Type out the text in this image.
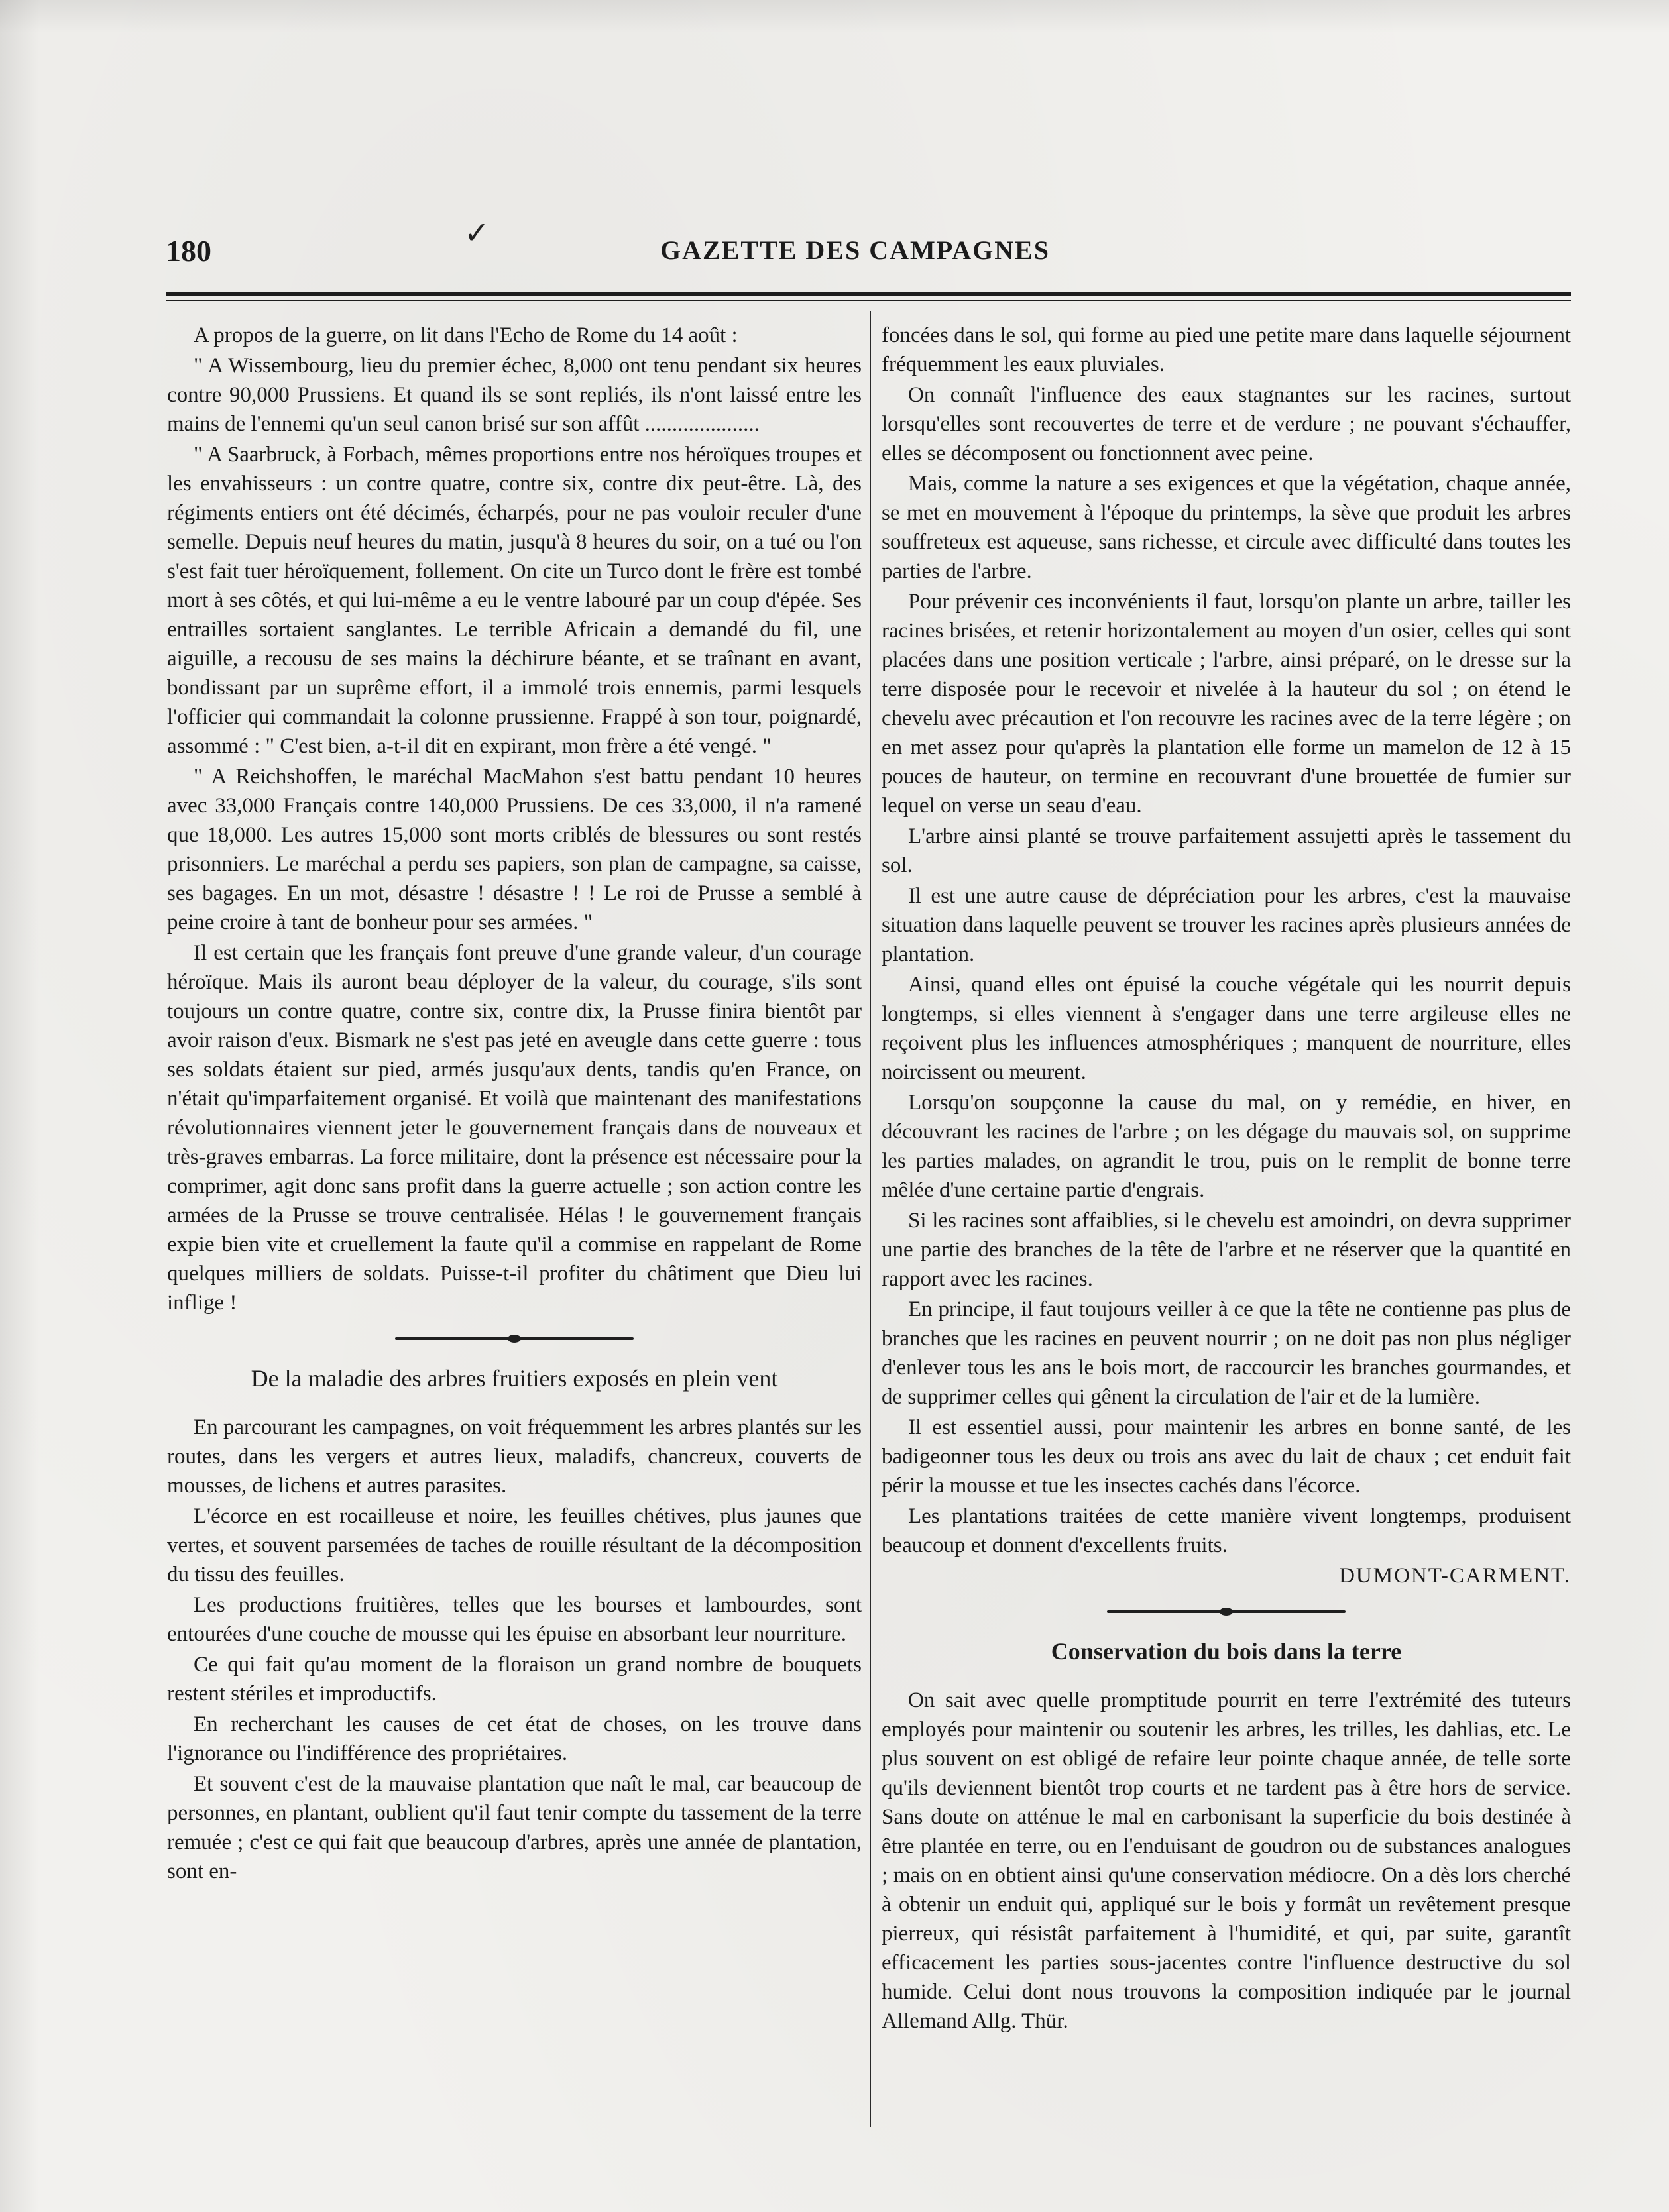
✓
180	GAZETTE DES CAMPAGNES

A propos de la guerre, on lit dans l'Echo de Rome du 14 août :

" A Wissembourg, lieu du premier échec, 8,000 ont tenu pendant six heures contre 90,000 Prussiens. Et quand ils se sont repliés, ils n'ont laissé entre les mains de l'ennemi qu'un seul canon brisé sur son affût .....................

" A Saarbruck, à Forbach, mêmes proportions entre nos héroïques troupes et les envahisseurs : un contre quatre, contre six, contre dix peut-être. Là, des régiments entiers ont été décimés, écharpés, pour ne pas vouloir reculer d'une semelle. Depuis neuf heures du matin, jusqu'à 8 heures du soir, on a tué ou l'on s'est fait tuer héroïquement, follement. On cite un Turco dont le frère est tombé mort à ses côtés, et qui lui-même a eu le ventre labouré par un coup d'épée. Ses entrailles sortaient sanglantes. Le terrible Africain a demandé du fil, une aiguille, a recousu de ses mains la déchirure béante, et se traînant en avant, bondissant par un suprême effort, il a immolé trois ennemis, parmi lesquels l'officier qui commandait la colonne prussienne. Frappé à son tour, poignardé, assommé : " C'est bien, a-t-il dit en expirant, mon frère a été vengé. "

" A Reichshoffen, le maréchal MacMahon s'est battu pendant 10 heures avec 33,000 Français contre 140,000 Prussiens. De ces 33,000, il n'a ramené que 18,000. Les autres 15,000 sont morts criblés de blessures ou sont restés prisonniers. Le maréchal a perdu ses papiers, son plan de campagne, sa caisse, ses bagages. En un mot, désastre ! désastre ! ! Le roi de Prusse a semblé à peine croire à tant de bonheur pour ses armées. "

Il est certain que les français font preuve d'une grande valeur, d'un courage héroïque. Mais ils auront beau déployer de la valeur, du courage, s'ils sont toujours un contre quatre, contre six, contre dix, la Prusse finira bientôt par avoir raison d'eux. Bismark ne s'est pas jeté en aveugle dans cette guerre : tous ses soldats étaient sur pied, armés jusqu'aux dents, tandis qu'en France, on n'était qu'imparfaitement organisé. Et voilà que maintenant des manifestations révolutionnaires viennent jeter le gouvernement français dans de nouveaux et très-graves embarras. La force militaire, dont la présence est nécessaire pour la comprimer, agit donc sans profit dans la guerre actuelle ; son action contre les armées de la Prusse se trouve centralisée. Hélas ! le gouvernement français expie bien vite et cruellement la faute qu'il a commise en rappelant de Rome quelques milliers de soldats. Puisse-t-il profiter du châtiment que Dieu lui inflige !

De la maladie des arbres fruitiers exposés en plein vent

En parcourant les campagnes, on voit fréquemment les arbres plantés sur les routes, dans les vergers et autres lieux, maladifs, chancreux, couverts de mousses, de lichens et autres parasites.

L'écorce en est rocailleuse et noire, les feuilles chétives, plus jaunes que vertes, et souvent parsemées de taches de rouille résultant de la décomposition du tissu des feuilles.

Les productions fruitières, telles que les bourses et lambourdes, sont entourées d'une couche de mousse qui les épuise en absorbant leur nourriture.

Ce qui fait qu'au moment de la floraison un grand nombre de bouquets restent stériles et improductifs.

En recherchant les causes de cet état de choses, on les trouve dans l'ignorance ou l'indifférence des propriétaires.

Et souvent c'est de la mauvaise plantation que naît le mal, car beaucoup de personnes, en plantant, oublient qu'il faut tenir compte du tassement de la terre remuée ; c'est ce qui fait que beaucoup d'arbres, après une année de plantation, sont en-

foncées dans le sol, qui forme au pied une petite mare dans laquelle séjournent fréquemment les eaux pluviales.

On connaît l'influence des eaux stagnantes sur les racines, surtout lorsqu'elles sont recouvertes de terre et de verdure ; ne pouvant s'échauffer, elles se décomposent ou fonctionnent avec peine.

Mais, comme la nature a ses exigences et que la végétation, chaque année, se met en mouvement à l'époque du printemps, la sève que produit les arbres souffreteux est aqueuse, sans richesse, et circule avec difficulté dans toutes les parties de l'arbre.

Pour prévenir ces inconvénients il faut, lorsqu'on plante un arbre, tailler les racines brisées, et retenir horizontalement au moyen d'un osier, celles qui sont placées dans une position verticale ; l'arbre, ainsi préparé, on le dresse sur la terre disposée pour le recevoir et nivelée à la hauteur du sol ; on étend le chevelu avec précaution et l'on recouvre les racines avec de la terre légère ; on en met assez pour qu'après la plantation elle forme un mamelon de 12 à 15 pouces de hauteur, on termine en recouvrant d'une brouettée de fumier sur lequel on verse un seau d'eau.

L'arbre ainsi planté se trouve parfaitement assujetti après le tassement du sol.

Il est une autre cause de dépréciation pour les arbres, c'est la mauvaise situation dans laquelle peuvent se trouver les racines après plusieurs années de plantation.

Ainsi, quand elles ont épuisé la couche végétale qui les nourrit depuis longtemps, si elles viennent à s'engager dans une terre argileuse elles ne reçoivent plus les influences atmosphériques ; manquent de nourriture, elles noircissent ou meurent.

Lorsqu'on soupçonne la cause du mal, on y remédie, en hiver, en découvrant les racines de l'arbre ; on les dégage du mauvais sol, on supprime les parties malades, on agrandit le trou, puis on le remplit de bonne terre mêlée d'une certaine partie d'engrais.

Si les racines sont affaiblies, si le chevelu est amoindri, on devra supprimer une partie des branches de la tête de l'arbre et ne réserver que la quantité en rapport avec les racines.

En principe, il faut toujours veiller à ce que la tête ne contienne pas plus de branches que les racines en peuvent nourrir ; on ne doit pas non plus négliger d'enlever tous les ans le bois mort, de raccourcir les branches gourmandes, et de supprimer celles qui gênent la circulation de l'air et de la lumière.

Il est essentiel aussi, pour maintenir les arbres en bonne santé, de les badigeonner tous les deux ou trois ans avec du lait de chaux ; cet enduit fait périr la mousse et tue les insectes cachés dans l'écorce.

Les plantations traitées de cette manière vivent longtemps, produisent beaucoup et donnent d'excellents fruits.

DUMONT-CARMENT.
Conservation du bois dans la terre

On sait avec quelle promptitude pourrit en terre l'extrémité des tuteurs employés pour maintenir ou soutenir les arbres, les trilles, les dahlias, etc. Le plus souvent on est obligé de refaire leur pointe chaque année, de telle sorte qu'ils deviennent bientôt trop courts et ne tardent pas à être hors de service. Sans doute on atténue le mal en carbonisant la superficie du bois destinée à être plantée en terre, ou en l'enduisant de goudron ou de substances analogues ; mais on en obtient ainsi qu'une conservation médiocre. On a dès lors cherché à obtenir un enduit qui, appliqué sur le bois y formât un revêtement presque pierreux, qui résistât parfaitement à l'humidité, et qui, par suite, garantît efficacement les parties sous-jacentes contre l'influence destructive du sol humide. Celui dont nous trouvons la composition indiquée par le journal Allemand Allg. Thür.
